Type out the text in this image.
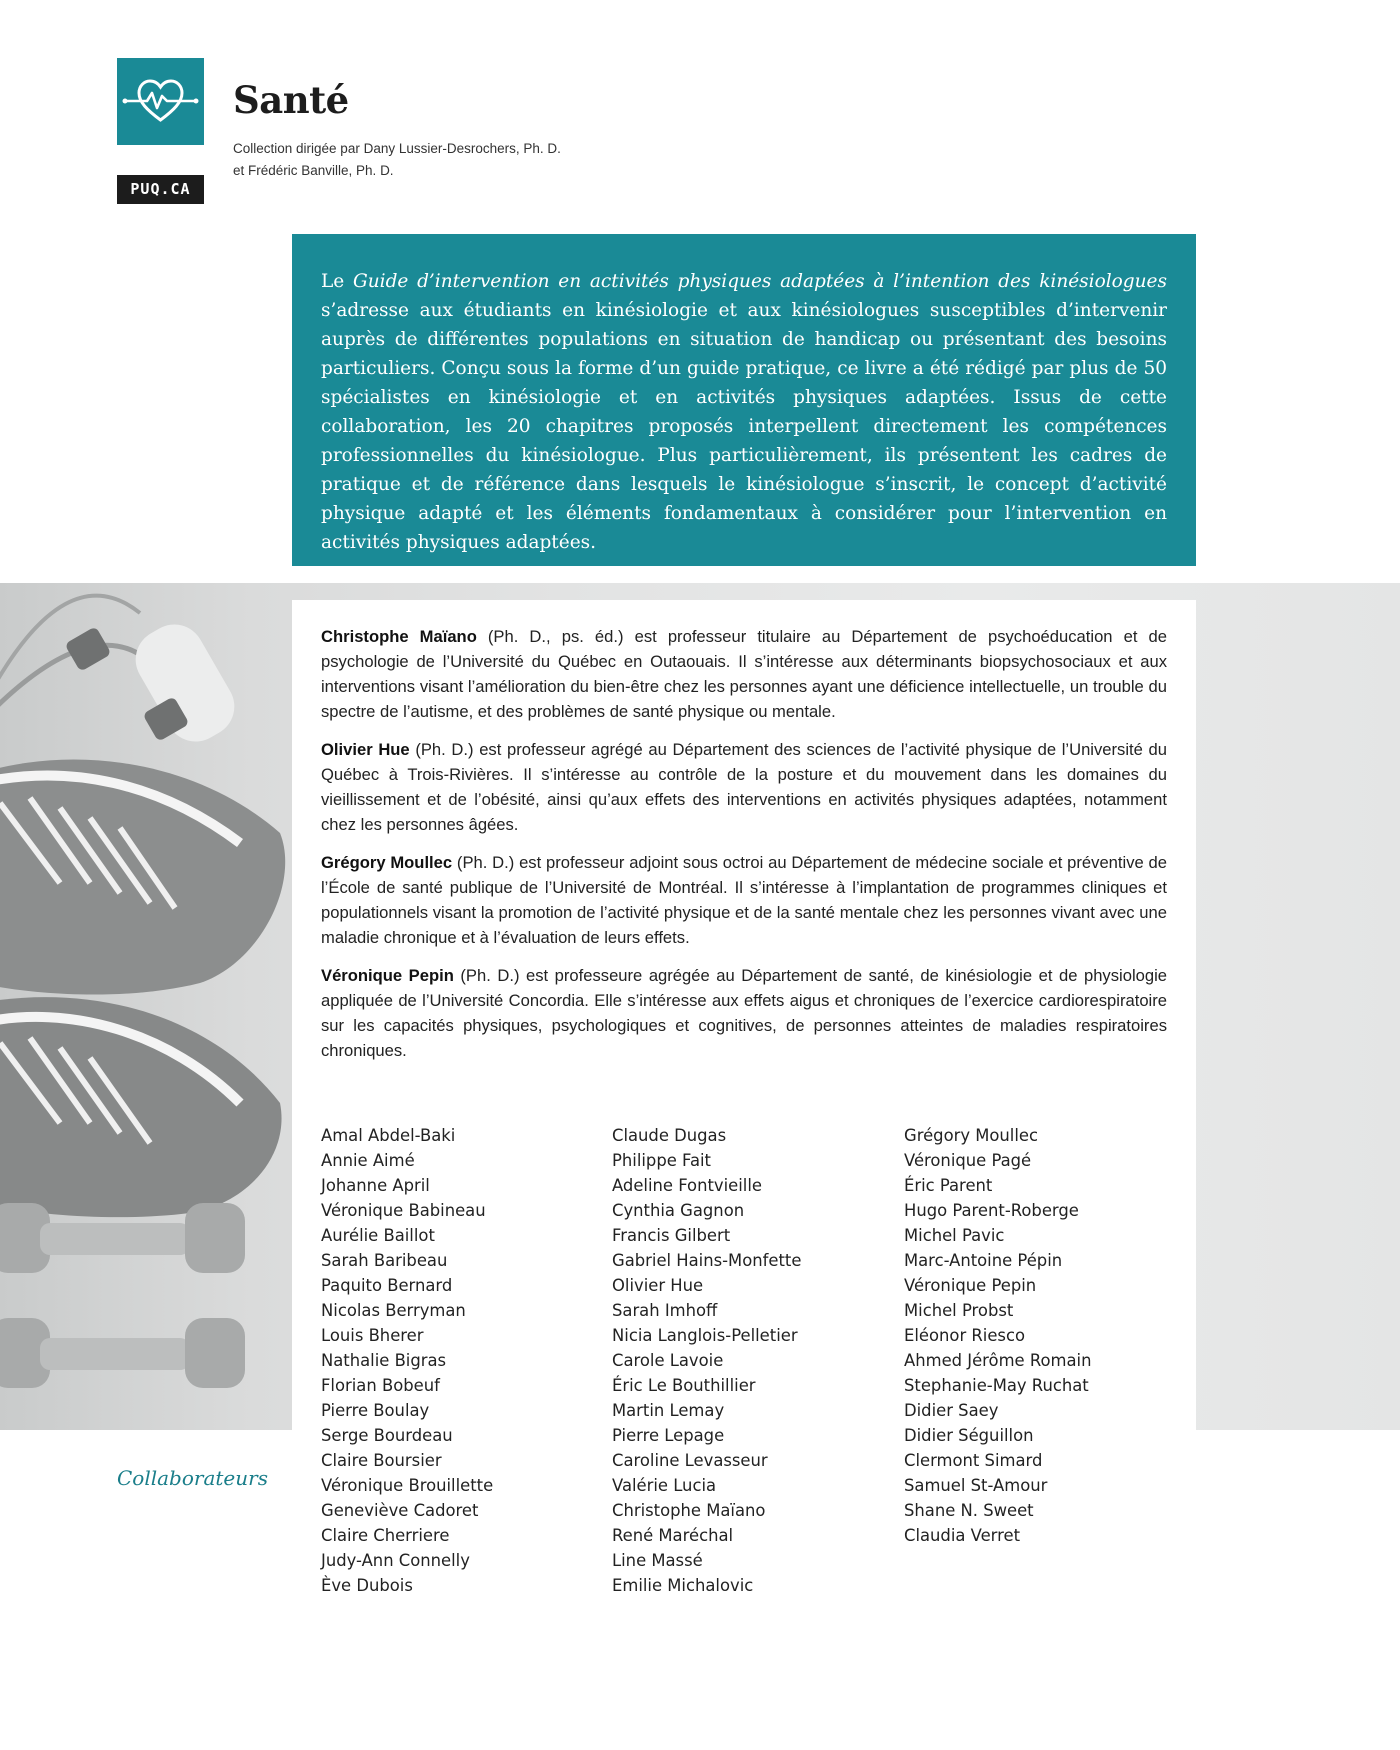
PUQ.CA
Santé
Collection dirigée par Dany Lussier-Desrochers, Ph. D.
et Frédéric Banville, Ph. D.

Le Guide d’intervention en activités physiques adaptées à l’intention des kinésiologues s’adresse aux étudiants en kinésiologie et aux kinésiologues susceptibles d’intervenir auprès de différentes populations en situation de handicap ou présentant des besoins particuliers. Conçu sous la forme d’un guide pratique, ce livre a été rédigé par plus de 50 spécialistes en kinésiologie et en activités physiques adaptées. Issus de cette collaboration, les 20 chapitres proposés interpellent directement les compétences professionnelles du kinésiologue. Plus particulièrement, ils présentent les cadres de pratique et de référence dans lesquels le kinésiologue s’inscrit, le concept d’activité physique adapté et les éléments fondamentaux à considérer pour l’intervention en activités physiques adaptées.

Christophe Maïano (Ph. D., ps. éd.) est professeur titulaire au Département de psychoéducation et de psychologie de l’Université du Québec en Outaouais. Il s’intéresse aux déterminants biopsychosociaux et aux interventions visant l’amélioration du bien-être chez les personnes ayant une déficience intellectuelle, un trouble du spectre de l’autisme, et des problèmes de santé physique ou mentale.

Olivier Hue (Ph. D.) est professeur agrégé au Département des sciences de l’activité physique de l’Université du Québec à Trois-Rivières. Il s’intéresse au contrôle de la posture et du mouvement dans les domaines du vieillissement et de l’obésité, ainsi qu’aux effets des interventions en activités physiques adaptées, notamment chez les personnes âgées.

Grégory Moullec (Ph. D.) est professeur adjoint sous octroi au Département de médecine sociale et préventive de l’École de santé publique de l’Université de Montréal. Il s’intéresse à l’implantation de programmes cliniques et populationnels visant la promotion de l’activité physique et de la santé mentale chez les personnes vivant avec une maladie chronique et à l’évaluation de leurs effets.

Véronique Pepin (Ph. D.) est professeure agrégée au Département de santé, de kinésiologie et de physiologie appliquée de l’Université Concordia. Elle s’intéresse aux effets aigus et chroniques de l’exercice cardiorespiratoire sur les capacités physiques, psychologiques et cognitives, de personnes atteintes de maladies respiratoires chroniques.

Collaborateurs
Amal Abdel-Baki
Annie Aimé
Johanne April
Véronique Babineau
Aurélie Baillot
Sarah Baribeau
Paquito Bernard
Nicolas Berryman
Louis Bherer
Nathalie Bigras
Florian Bobeuf
Pierre Boulay
Serge Bourdeau
Claire Boursier
Véronique Brouillette
Geneviève Cadoret
Claire Cherriere
Judy-Ann Connelly
Ève Dubois
Claude Dugas
Philippe Fait
Adeline Fontvieille
Cynthia Gagnon
Francis Gilbert
Gabriel Hains-Monfette
Olivier Hue
Sarah Imhoff
Nicia Langlois-Pelletier
Carole Lavoie
Éric Le Bouthillier
Martin Lemay
Pierre Lepage
Caroline Levasseur
Valérie Lucia
Christophe Maïano
René Maréchal
Line Massé
Emilie Michalovic
Grégory Moullec
Véronique Pagé
Éric Parent
Hugo Parent-Roberge
Michel Pavic
Marc-Antoine Pépin
Véronique Pepin
Michel Probst
Eléonor Riesco
Ahmed Jérôme Romain
Stephanie-May Ruchat
Didier Saey
Didier Séguillon
Clermont Simard
Samuel St-Amour
Shane N. Sweet
Claudia Verret
